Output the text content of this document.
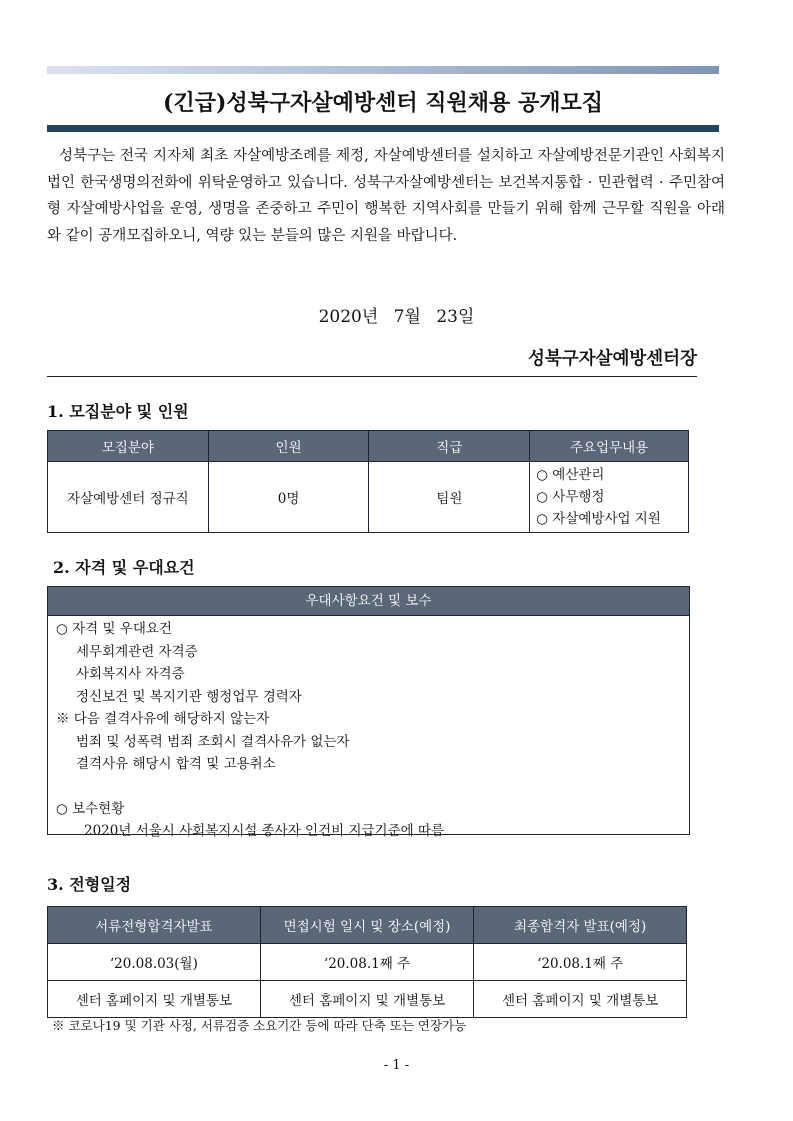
(긴급)성북구자살예방센터 직원채용 공개모집
성북구는 전국 지자체 최초 자살예방조례를 제정, 자살예방센터를 설치하고 자살예방전문기관인 사회복지법인 한국생명의전화에 위탁운영하고 있습니다. 성북구자살예방센터는 보건복지통합 · 민관협력 · 주민참여형 자살예방사업을 운영, 생명을 존중하고 주민이 행복한 지역사회를 만들기 위해 함께 근무할 직원을 아래와 같이 공개모집하오니, 역량 있는 분들의 많은 지원을 바랍니다.
2020년 7월 23일
성북구자살예방센터장
1. 모집분야 및 인원
모집분야	인원	직급	주요업무내용
자살예방센터 정규직	0명	팀원	○ 예산관리
○ 사무행정
○ 자살예방사업 지원
2. 자격 및 우대요건
우대사항요건 및 보수
○ 자격 및 우대요건
세무회계관련 자격증
사회복지사 자격증
정신보건 및 복지기관 행정업무 경력자
※ 다음 결격사유에 해당하지 않는자
범죄 및 성폭력 범죄 조회시 결격사유가 없는자
결격사유 해당시 합격 및 고용취소
○ 보수현황
2020년 서울시 사회복지시설 종사자 인건비 지급기준에 따름
3. 전형일정
서류전형합격자발표	면접시험 일시 및 장소(예정)	최종합격자 발표(예정)
‘20.08.03(월)	‘20.08.1째 주	‘20.08.1째 주
센터 홈페이지 및 개별통보	센터 홈페이지 및 개별통보	센터 홈페이지 및 개별통보
※ 코로나19 및 기관 사정, 서류검증 소요기간 등에 따라 단축 또는 연장가능
- 1 -
